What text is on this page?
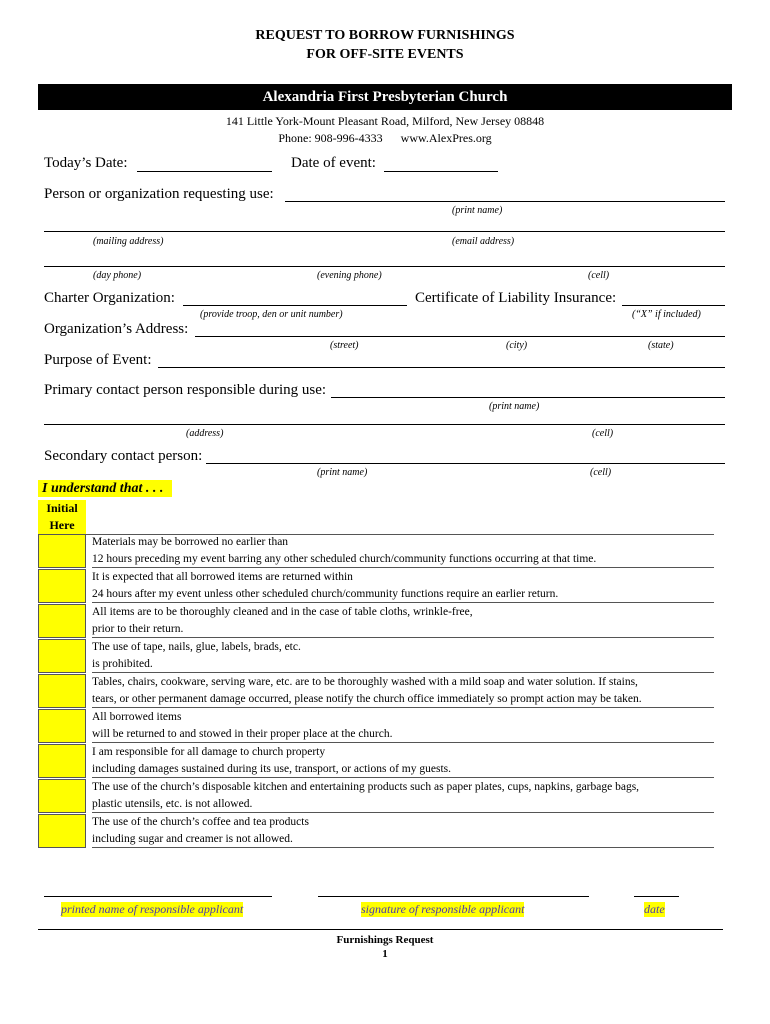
REQUEST TO BORROW FURNISHINGS
FOR OFF-SITE EVENTS
Alexandria First Presbyterian Church
141 Little York-Mount Pleasant Road, Milford, New Jersey 08848
Phone: 908-996-4333      www.AlexPres.org
Today’s Date:	Date of event:
Person or organization requesting use:
(print name)
(mailing address)	(email address)
(day phone)	(evening phone)	(cell)
Charter Organization:
(provide troop, den or unit number)
Certificate of Liability Insurance:
(“X” if included)
Organization’s Address:
(street)	(city)	(state)
Purpose of Event:
Primary contact person responsible during use:
(print name)
(address)	(cell)
Secondary contact person:
(print name)	(cell)
I understand that . . .
Initial
Here
Materials may be borrowed no earlier than
12 hours preceding my event barring any other scheduled church/community functions occurring at that time.
It is expected that all borrowed items are returned within
24 hours after my event unless other scheduled church/community functions require an earlier return.
All items are to be thoroughly cleaned and in the case of table cloths, wrinkle-free,
prior to their return.
The use of tape, nails, glue, labels, brads, etc.
is prohibited.
Tables, chairs, cookware, serving ware, etc. are to be thoroughly washed with a mild soap and water solution. If stains,
tears, or other permanent damage occurred, please notify the church office immediately so prompt action may be taken.
All borrowed items
will be returned to and stowed in their proper place at the church.
I am responsible for all damage to church property
including damages sustained during its use, transport, or actions of my guests.
The use of the church’s disposable kitchen and entertaining products such as paper plates, cups, napkins, garbage bags,
plastic utensils, etc. is not allowed.
The use of the church’s coffee and tea products
including sugar and creamer is not allowed.
printed name of responsible applicant	signature of responsible applicant	date
Furnishings Request
1
